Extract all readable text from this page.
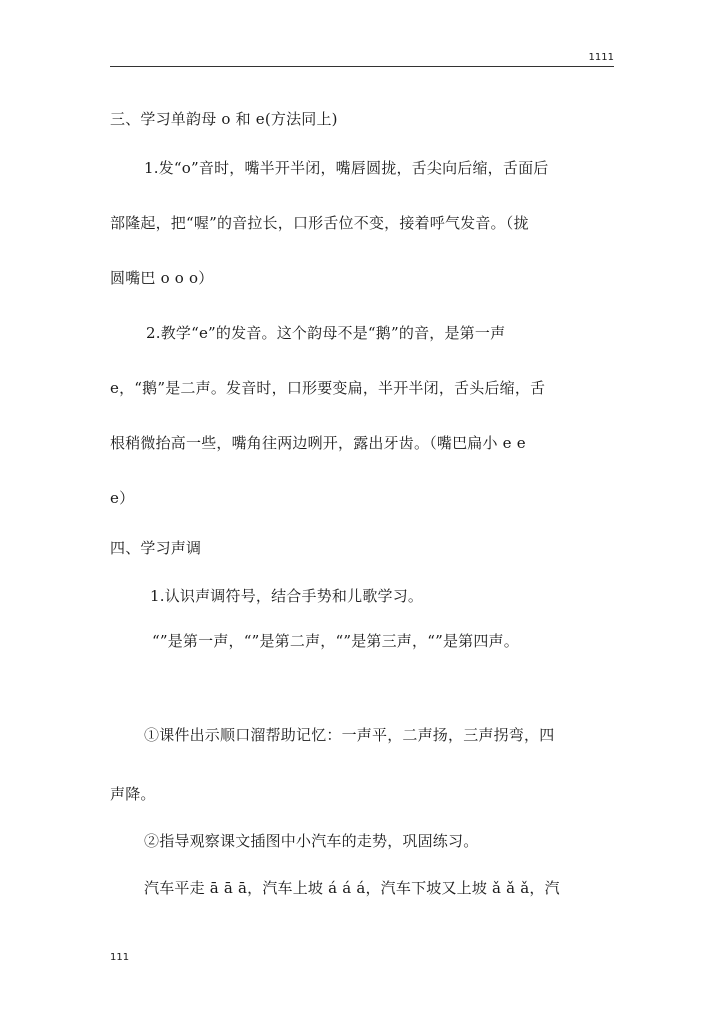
1111
三、学习单韵母 o 和 e(方法同上)
1.发“o”音时，嘴半开半闭，嘴唇圆拢，舌尖向后缩，舌面后
部隆起，把“喔”的音拉长，口形舌位不变，接着呼气发音。（拢
圆嘴巴 o o o）
2.教学“e”的发音。这个韵母不是“鹅”的音，是第一声
e，“鹅”是二声。发音时，口形要变扁，半开半闭，舌头后缩，舌
根稍微抬高一些，嘴角往两边咧开，露出牙齿。（嘴巴扁小 e e
e）
四、学习声调
1.认识声调符号，结合手势和儿歌学习。
“”是第一声，“”是第二声，“”是第三声，“”是第四声。
①课件出示顺口溜帮助记忆：一声平，二声扬，三声拐弯，四
声降。
②指导观察课文插图中小汽车的走势，巩固练习。
汽车平走 ā ā ā，汽车上坡 á á á，汽车下坡又上坡 ǎ ǎ ǎ，汽
111
